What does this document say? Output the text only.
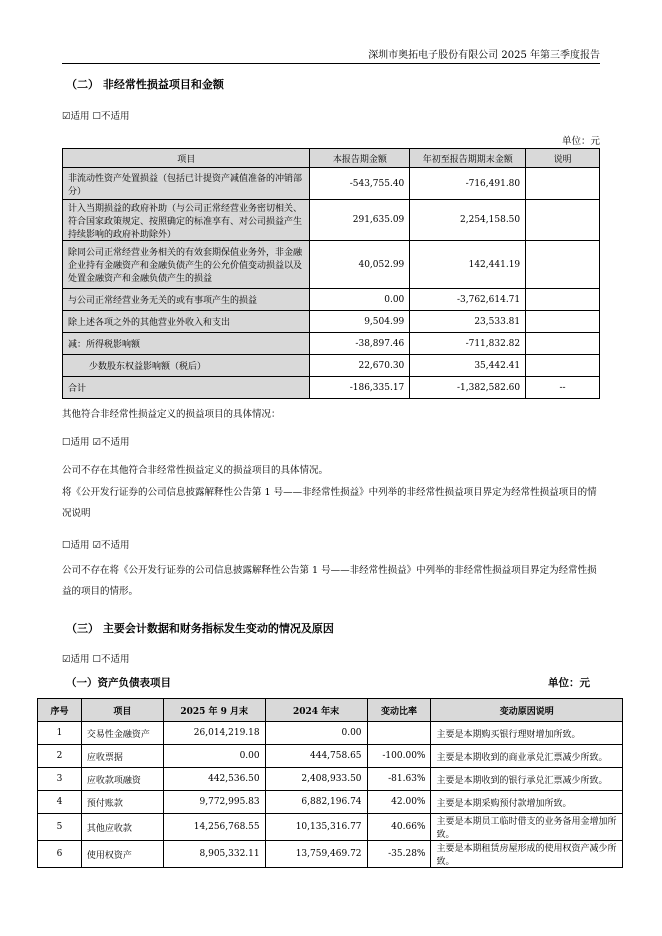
深圳市奥拓电子股份有限公司 2025 年第三季度报告
（二） 非经常性损益项目和金额
☑适用 ☐不适用
单位：元
项目	本报告期金额	年初至报告期期末金额	说明
非流动性资产处置损益（包括已计提资产减值准备的冲销部分）	-543,755.40	-716,491.80	
计入当期损益的政府补助（与公司正常经营业务密切相关、符合国家政策规定、按照确定的标准享有、对公司损益产生持续影响的政府补助除外）	291,635.09	2,254,158.50	
除同公司正常经营业务相关的有效套期保值业务外，非金融企业持有金融资产和金融负债产生的公允价值变动损益以及处置金融资产和金融负债产生的损益	40,052.99	142,441.19	
与公司正常经营业务无关的或有事项产生的损益	0.00	-3,762,614.71	
除上述各项之外的其他营业外收入和支出	9,504.99	23,533.81	
减：所得税影响额	-38,897.46	-711,832.82	
少数股东权益影响额（税后）	22,670.30	35,442.41	
合计	-186,335.17	-1,382,582.60	--
其他符合非经常性损益定义的损益项目的具体情况：
☐适用 ☑不适用
公司不存在其他符合非经常性损益定义的损益项目的具体情况。
将《公开发行证券的公司信息披露解释性公告第 1 号——非经常性损益》中列举的非经常性损益项目界定为经常性损益项目的情况说明
☐适用 ☑不适用
公司不存在将《公开发行证券的公司信息披露解释性公告第 1 号——非经常性损益》中列举的非经常性损益项目界定为经常性损益的项目的情形。
（三） 主要会计数据和财务指标发生变动的情况及原因
☑适用 ☐不适用
（一）资产负债表项目	单位：元
序号	项目	2025 年 9 月末	2024 年末	变动比率	变动原因说明
1	交易性金融资产	26,014,219.18	0.00		主要是本期购买银行理财增加所致。
2	应收票据	0.00	444,758.65	-100.00%	主要是本期收到的商业承兑汇票减少所致。
3	应收款项融资	442,536.50	2,408,933.50	-81.63%	主要是本期收到的银行承兑汇票减少所致。
4	预付账款	9,772,995.83	6,882,196.74	42.00%	主要是本期采购预付款增加所致。
5	其他应收款	14,256,768.55	10,135,316.77	40.66%	主要是本期员工临时借支的业务备用金增加所致。
6	使用权资产	8,905,332.11	13,759,469.72	-35.28%	主要是本期租赁房屋形成的使用权资产减少所致。
